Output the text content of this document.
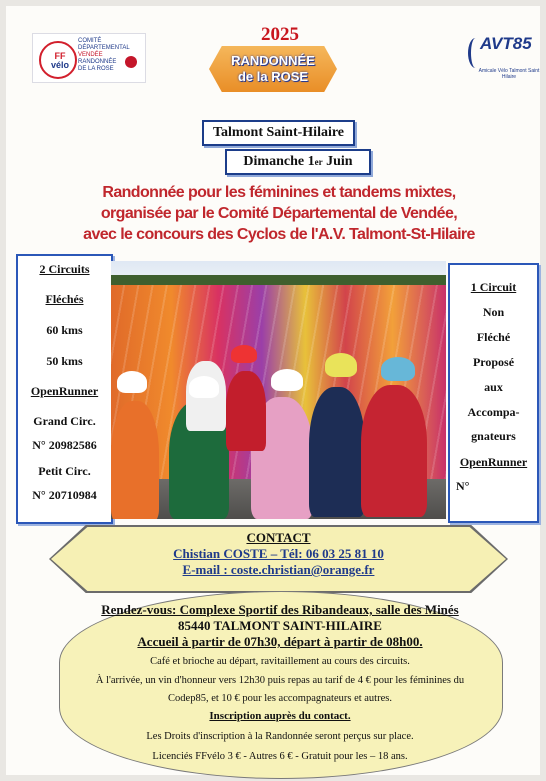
FF
vélo
COMITÉ
DÉPARTEMENTAL
VENDÉE
RANDONNÉE
DE LA ROSE
2025
RANDONNÉE
de la ROSE
AVT85
Amicale Vélo Talmont Saint Hilaire
Talmont Saint-Hilaire
Dimanche 1er Juin
Randonnée pour les féminines et tandems mixtes,
organisée par le Comité Départemental de Vendée,
avec le concours des Cyclos de l'A.V. Talmont-St-Hilaire
2 Circuits
Fléchés
60 kms
50 kms
OpenRunner
Grand Circ.
N° 20982586
Petit Circ.
N° 20710984
1 Circuit
Non
Fléché
Proposé
aux
Accompa-
gnateurs
OpenRunner
N°
CONTACT
Chistian COSTE – Tél: 06 03 25 81 10
E-mail : coste.christian@orange.fr
Rendez-vous: Complexe Sportif des Ribandeaux, salle des Minés
85440 TALMONT SAINT-HILAIRE
Accueil à partir de 07h30, départ à partir de 08h00.
Café et brioche au départ, ravitaillement au cours des circuits.
À l'arrivée, un vin d'honneur vers 12h30 puis repas au tarif de 4 € pour les féminines du
Codep85, et 10 € pour les accompagnateurs et autres.
Inscription auprès du contact.
Les Droits d'inscription à la Randonnée seront perçus sur place.
Licenciés FFvélo 3 € - Autres 6 € - Gratuit pour les – 18 ans.
